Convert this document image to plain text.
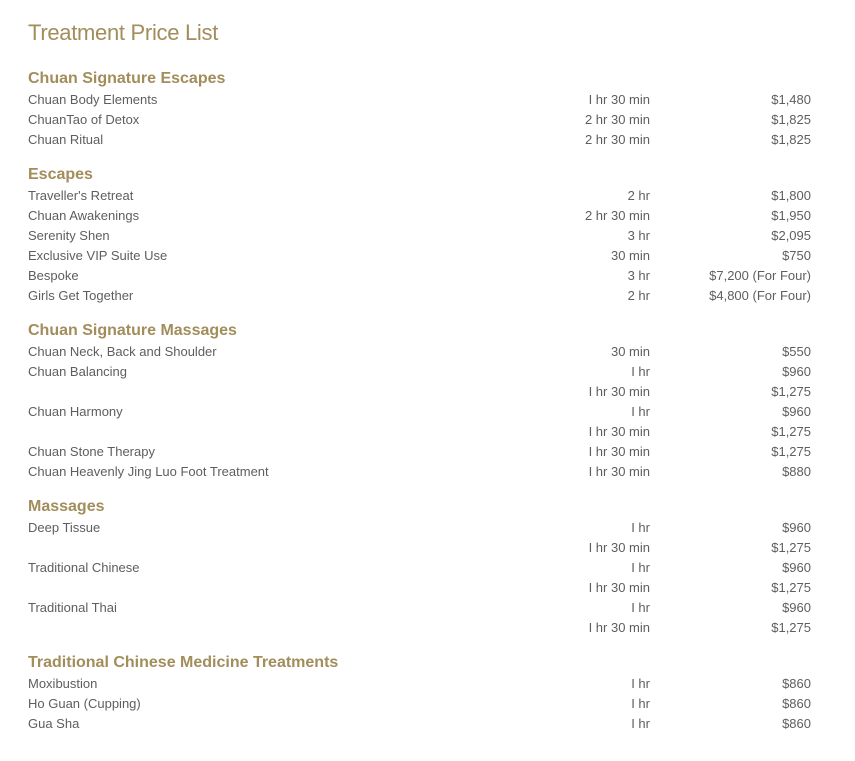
Treatment Price List
Chuan Signature Escapes
Chuan Body Elements	I hr 30 min	$1,480
ChuanTao of Detox	2 hr 30 min	$1,825
Chuan Ritual	2 hr 30 min	$1,825
Escapes
Traveller's Retreat	2 hr	$1,800
Chuan Awakenings	2 hr 30 min	$1,950
Serenity Shen	3 hr	$2,095
Exclusive VIP Suite Use	30 min	$750
Bespoke	3 hr	$7,200 (For Four)
Girls Get Together	2 hr	$4,800 (For Four)
Chuan Signature Massages
Chuan Neck, Back and Shoulder	30 min	$550
Chuan Balancing	I hr	$960
I hr 30 min	$1,275
Chuan Harmony	I hr	$960
I hr 30 min	$1,275
Chuan Stone Therapy	I hr 30 min	$1,275
Chuan Heavenly Jing Luo Foot Treatment	I hr 30 min	$880
Massages
Deep Tissue	I hr	$960
I hr 30 min	$1,275
Traditional Chinese	I hr	$960
I hr 30 min	$1,275
Traditional Thai	I hr	$960
I hr 30 min	$1,275
Traditional Chinese Medicine Treatments
Moxibustion	I hr	$860
Ho Guan (Cupping)	I hr	$860
Gua Sha	I hr	$860
